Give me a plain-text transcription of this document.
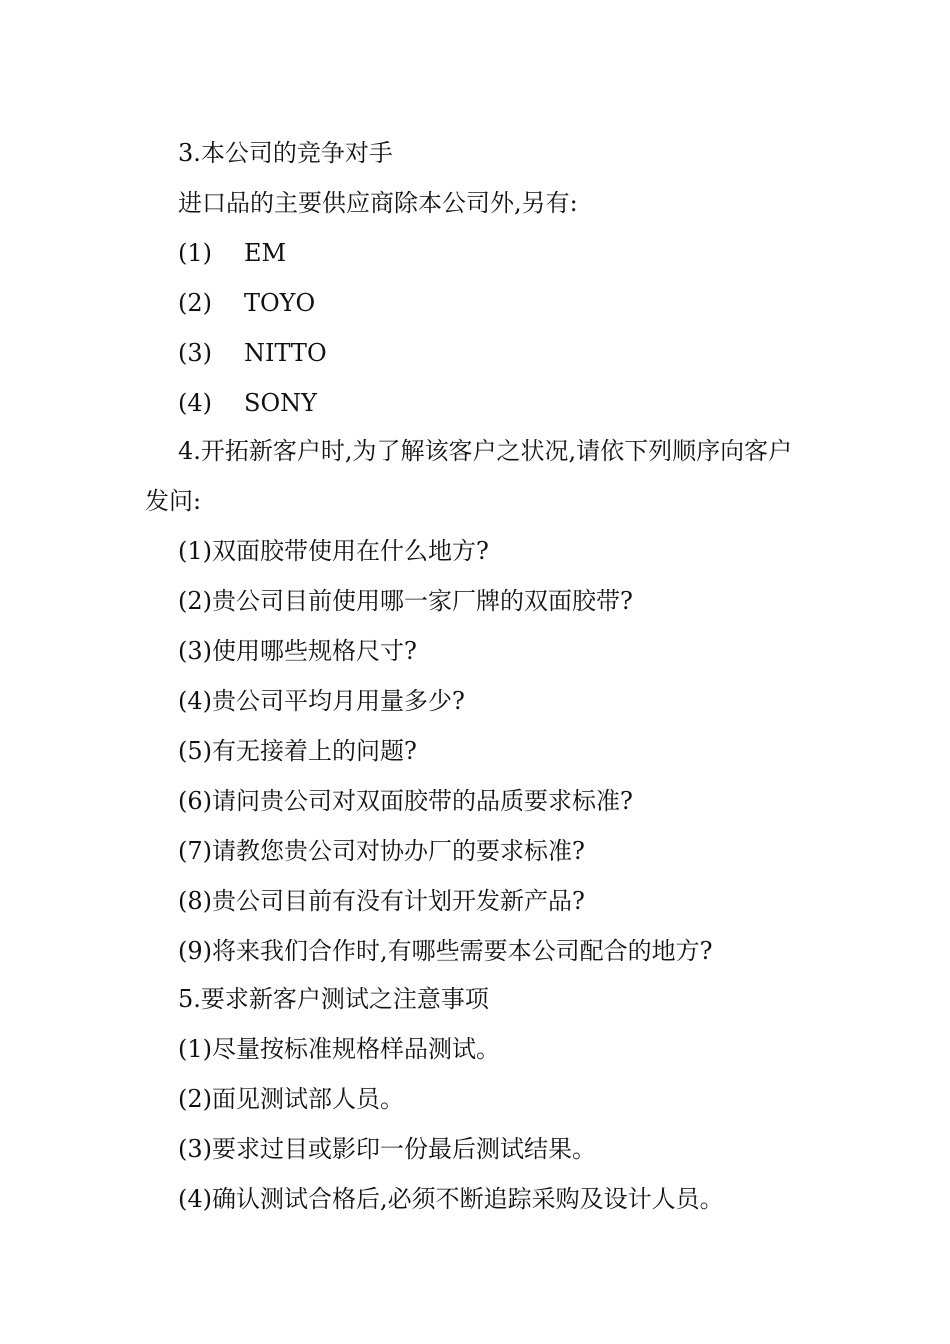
3.本公司的竞争对手
进口品的主要供应商除本公司外,另有:
(1) EM
(2) TOYO
(3) NITTO
(4) SONY
4.开拓新客户时,为了解该客户之状况,请依下列顺序向客户
发问:
(1)双面胶带使用在什么地方?
(2)贵公司目前使用哪一家厂牌的双面胶带?
(3)使用哪些规格尺寸?
(4)贵公司平均月用量多少?
(5)有无接着上的问题?
(6)请问贵公司对双面胶带的品质要求标准?
(7)请教您贵公司对协办厂的要求标准?
(8)贵公司目前有没有计划开发新产品?
(9)将来我们合作时,有哪些需要本公司配合的地方?
5.要求新客户测试之注意事项
(1)尽量按标准规格样品测试。
(2)面见测试部人员。
(3)要求过目或影印一份最后测试结果。
(4)确认测试合格后,必须不断追踪采购及设计人员。
